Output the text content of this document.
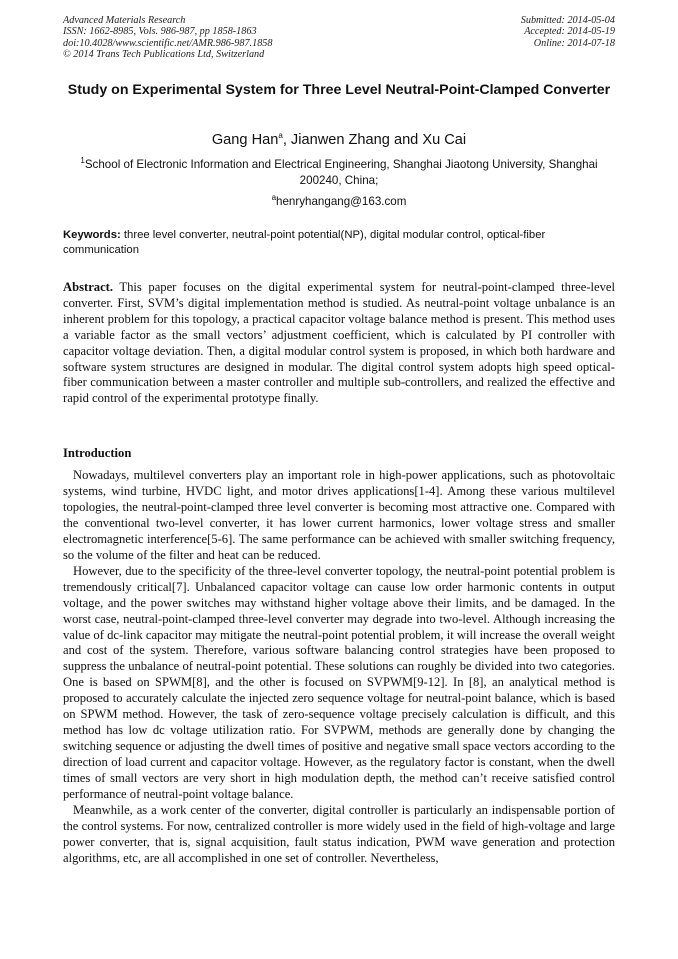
Advanced Materials Research
ISSN: 1662-8985, Vols. 986-987, pp 1858-1863
doi:10.4028/www.scientific.net/AMR.986-987.1858
© 2014 Trans Tech Publications Ltd, Switzerland
Submitted: 2014-05-04
Accepted: 2014-05-19
Online: 2014-07-18
Study on Experimental System for Three Level Neutral-Point-Clamped Converter
Gang Han$^a$, Jianwen Zhang and Xu Cai
$^1$School of Electronic Information and Electrical Engineering, Shanghai Jiaotong University, Shanghai 200240, China;
$^a$henryhangang@163.com
Keywords: three level converter, neutral-point potential(NP), digital modular control, optical-fiber communication
Abstract. This paper focuses on the digital experimental system for neutral-point-clamped three-level converter. First, SVM’s digital implementation method is studied. As neutral-point voltage unbalance is an inherent problem for this topology, a practical capacitor voltage balance method is present. This method uses a variable factor as the small vectors’ adjustment coefficient, which is calculated by PI controller with capacitor voltage deviation. Then, a digital modular control system is proposed, in which both hardware and software system structures are designed in modular. The digital control system adopts high speed optical-fiber communication between a master controller and multiple sub-controllers, and realized the effective and rapid control of the experimental prototype finally.
Introduction

Nowadays, multilevel converters play an important role in high-power applications, such as photovoltaic systems, wind turbine, HVDC light, and motor drives applications[1-4]. Among these various multilevel topologies, the neutral-point-clamped three level converter is becoming most attractive one. Compared with the conventional two-level converter, it has lower current harmonics, lower voltage stress and smaller electromagnetic interference[5-6]. The same performance can be achieved with smaller switching frequency, so the volume of the filter and heat can be reduced.

However, due to the specificity of the three-level converter topology, the neutral-point potential problem is tremendously critical[7]. Unbalanced capacitor voltage can cause low order harmonic contents in output voltage, and the power switches may withstand higher voltage above their limits, and be damaged. In the worst case, neutral-point-clamped three-level converter may degrade into two-level. Although increasing the value of dc-link capacitor may mitigate the neutral-point potential problem, it will increase the overall weight and cost of the system. Therefore, various software balancing control strategies have been proposed to suppress the unbalance of neutral-point potential. These solutions can roughly be divided into two categories. One is based on SPWM[8], and the other is focused on SVPWM[9-12]. In [8], an analytical method is proposed to accurately calculate the injected zero sequence voltage for neutral-point balance, which is based on SPWM method. However, the task of zero-sequence voltage precisely calculation is difficult, and this method has low dc voltage utilization ratio. For SVPWM, methods are generally done by changing the switching sequence or adjusting the dwell times of positive and negative small space vectors according to the direction of load current and capacitor voltage. However, as the regulatory factor is constant, when the dwell times of small vectors are very short in high modulation depth, the method can’t receive satisfied control performance of neutral-point voltage balance.

Meanwhile, as a work center of the converter, digital controller is particularly an indispensable portion of the control systems. For now, centralized controller is more widely used in the field of high-voltage and large power converter, that is, signal acquisition, fault status indication, PWM wave generation and protection algorithms, etc, are all accomplished in one set of controller. Nevertheless,
